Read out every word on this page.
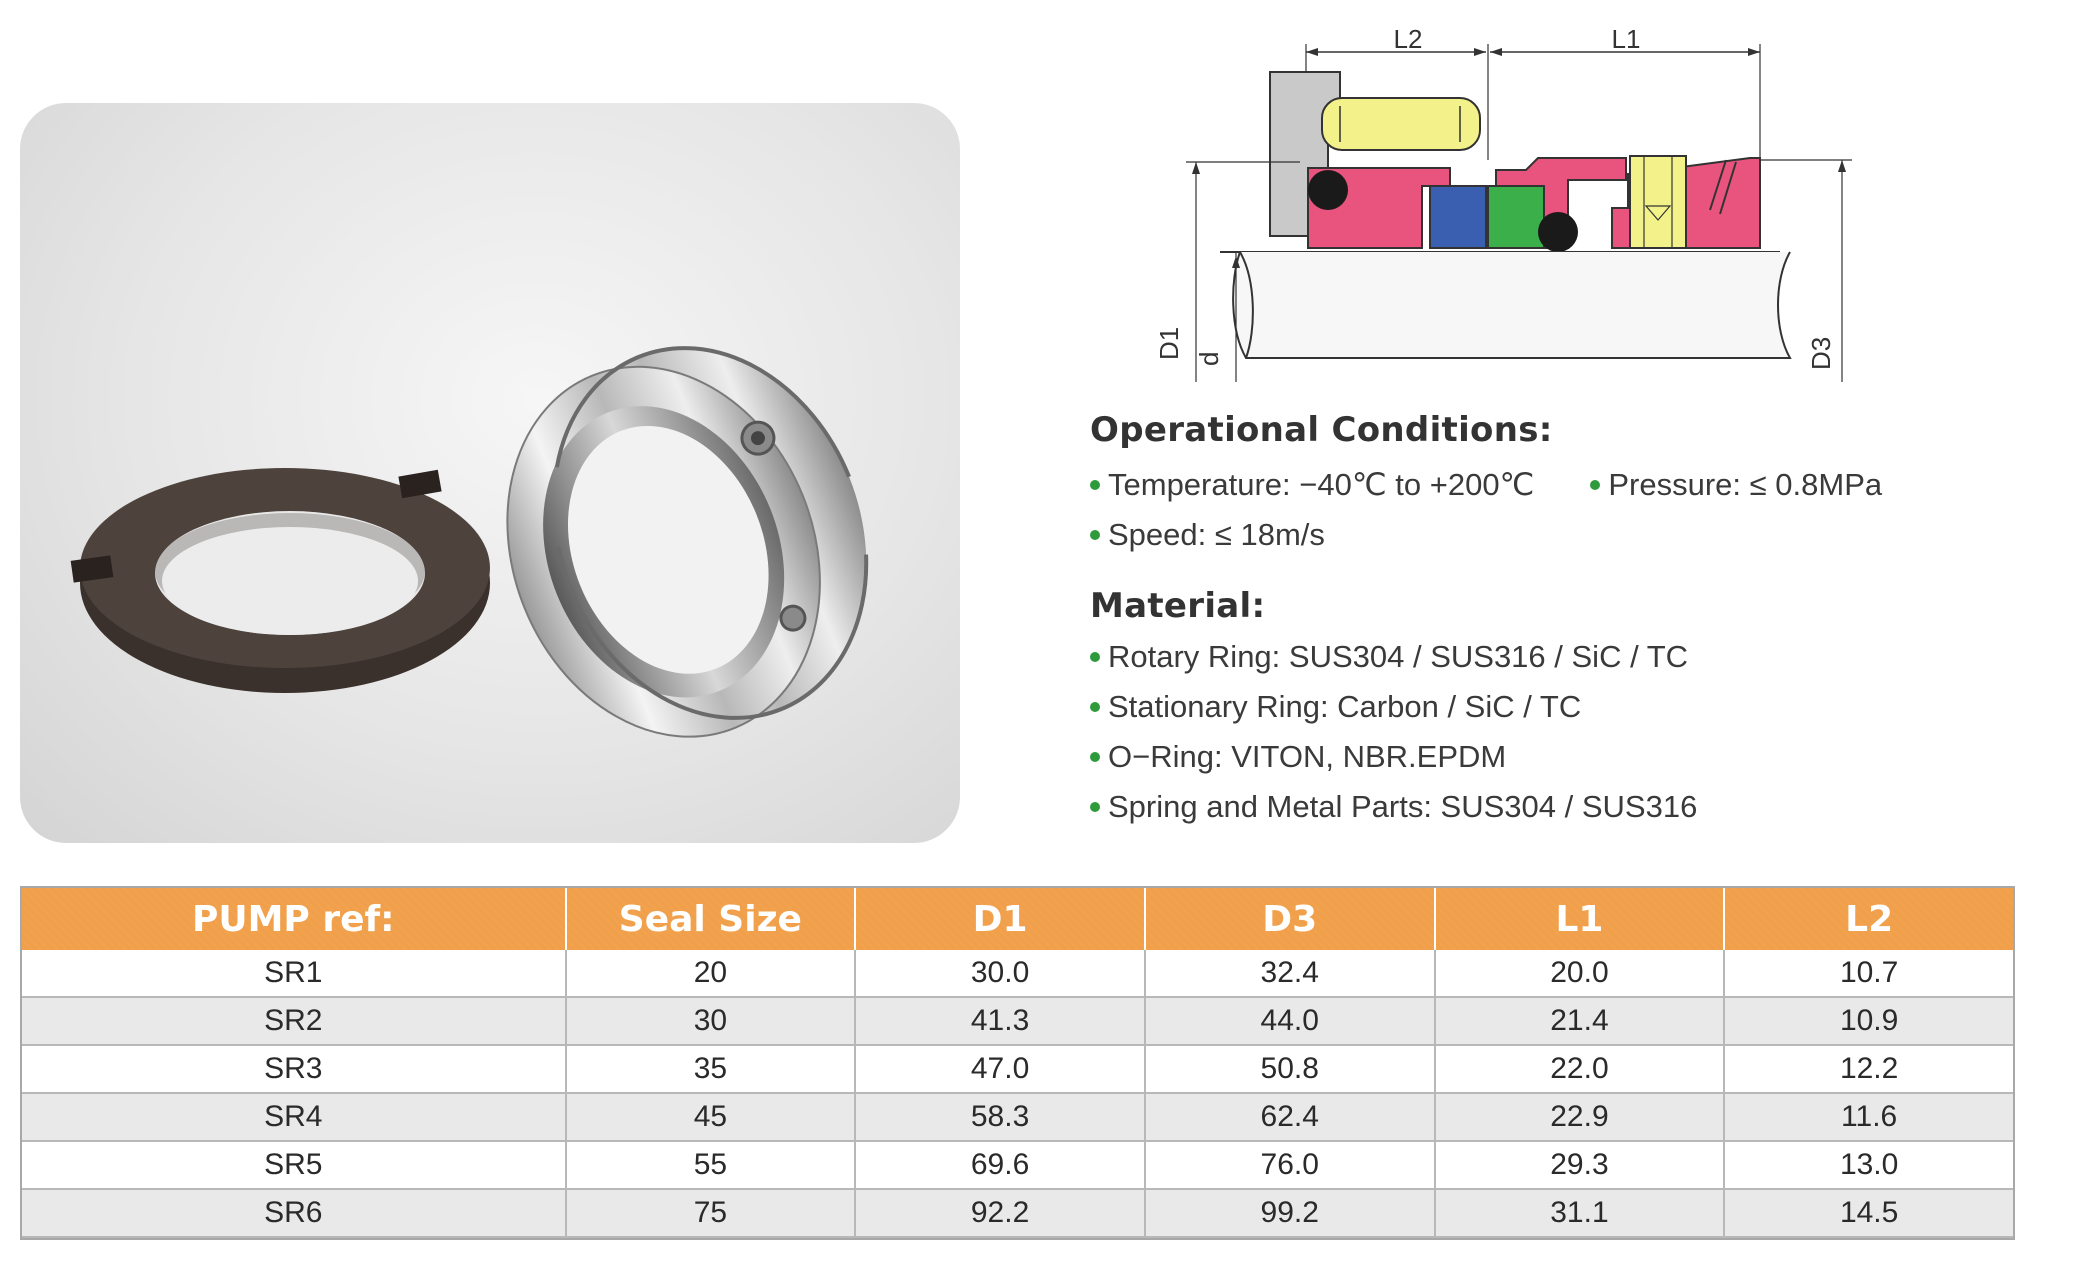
L2	L1
D1 d	D3
Operational Conditions:
Temperature: −40℃ to +200℃ Pressure: ≤ 0.8MPa
Speed: ≤ 18m/s
Material:
Rotary Ring: SUS304 / SUS316 / SiC / TC
Stationary Ring: Carbon / SiC / TC
O−Ring: VITON, NBR.EPDM
Spring and Metal Parts: SUS304 / SUS316
PUMP ref:	Seal Size	D1	D3	L1	L2
SR1	20	30.0	32.4	20.0	10.7
SR2	30	41.3	44.0	21.4	10.9
SR3	35	47.0	50.8	22.0	12.2
SR4	45	58.3	62.4	22.9	11.6
SR5	55	69.6	76.0	29.3	13.0
SR6	75	92.2	99.2	31.1	14.5
